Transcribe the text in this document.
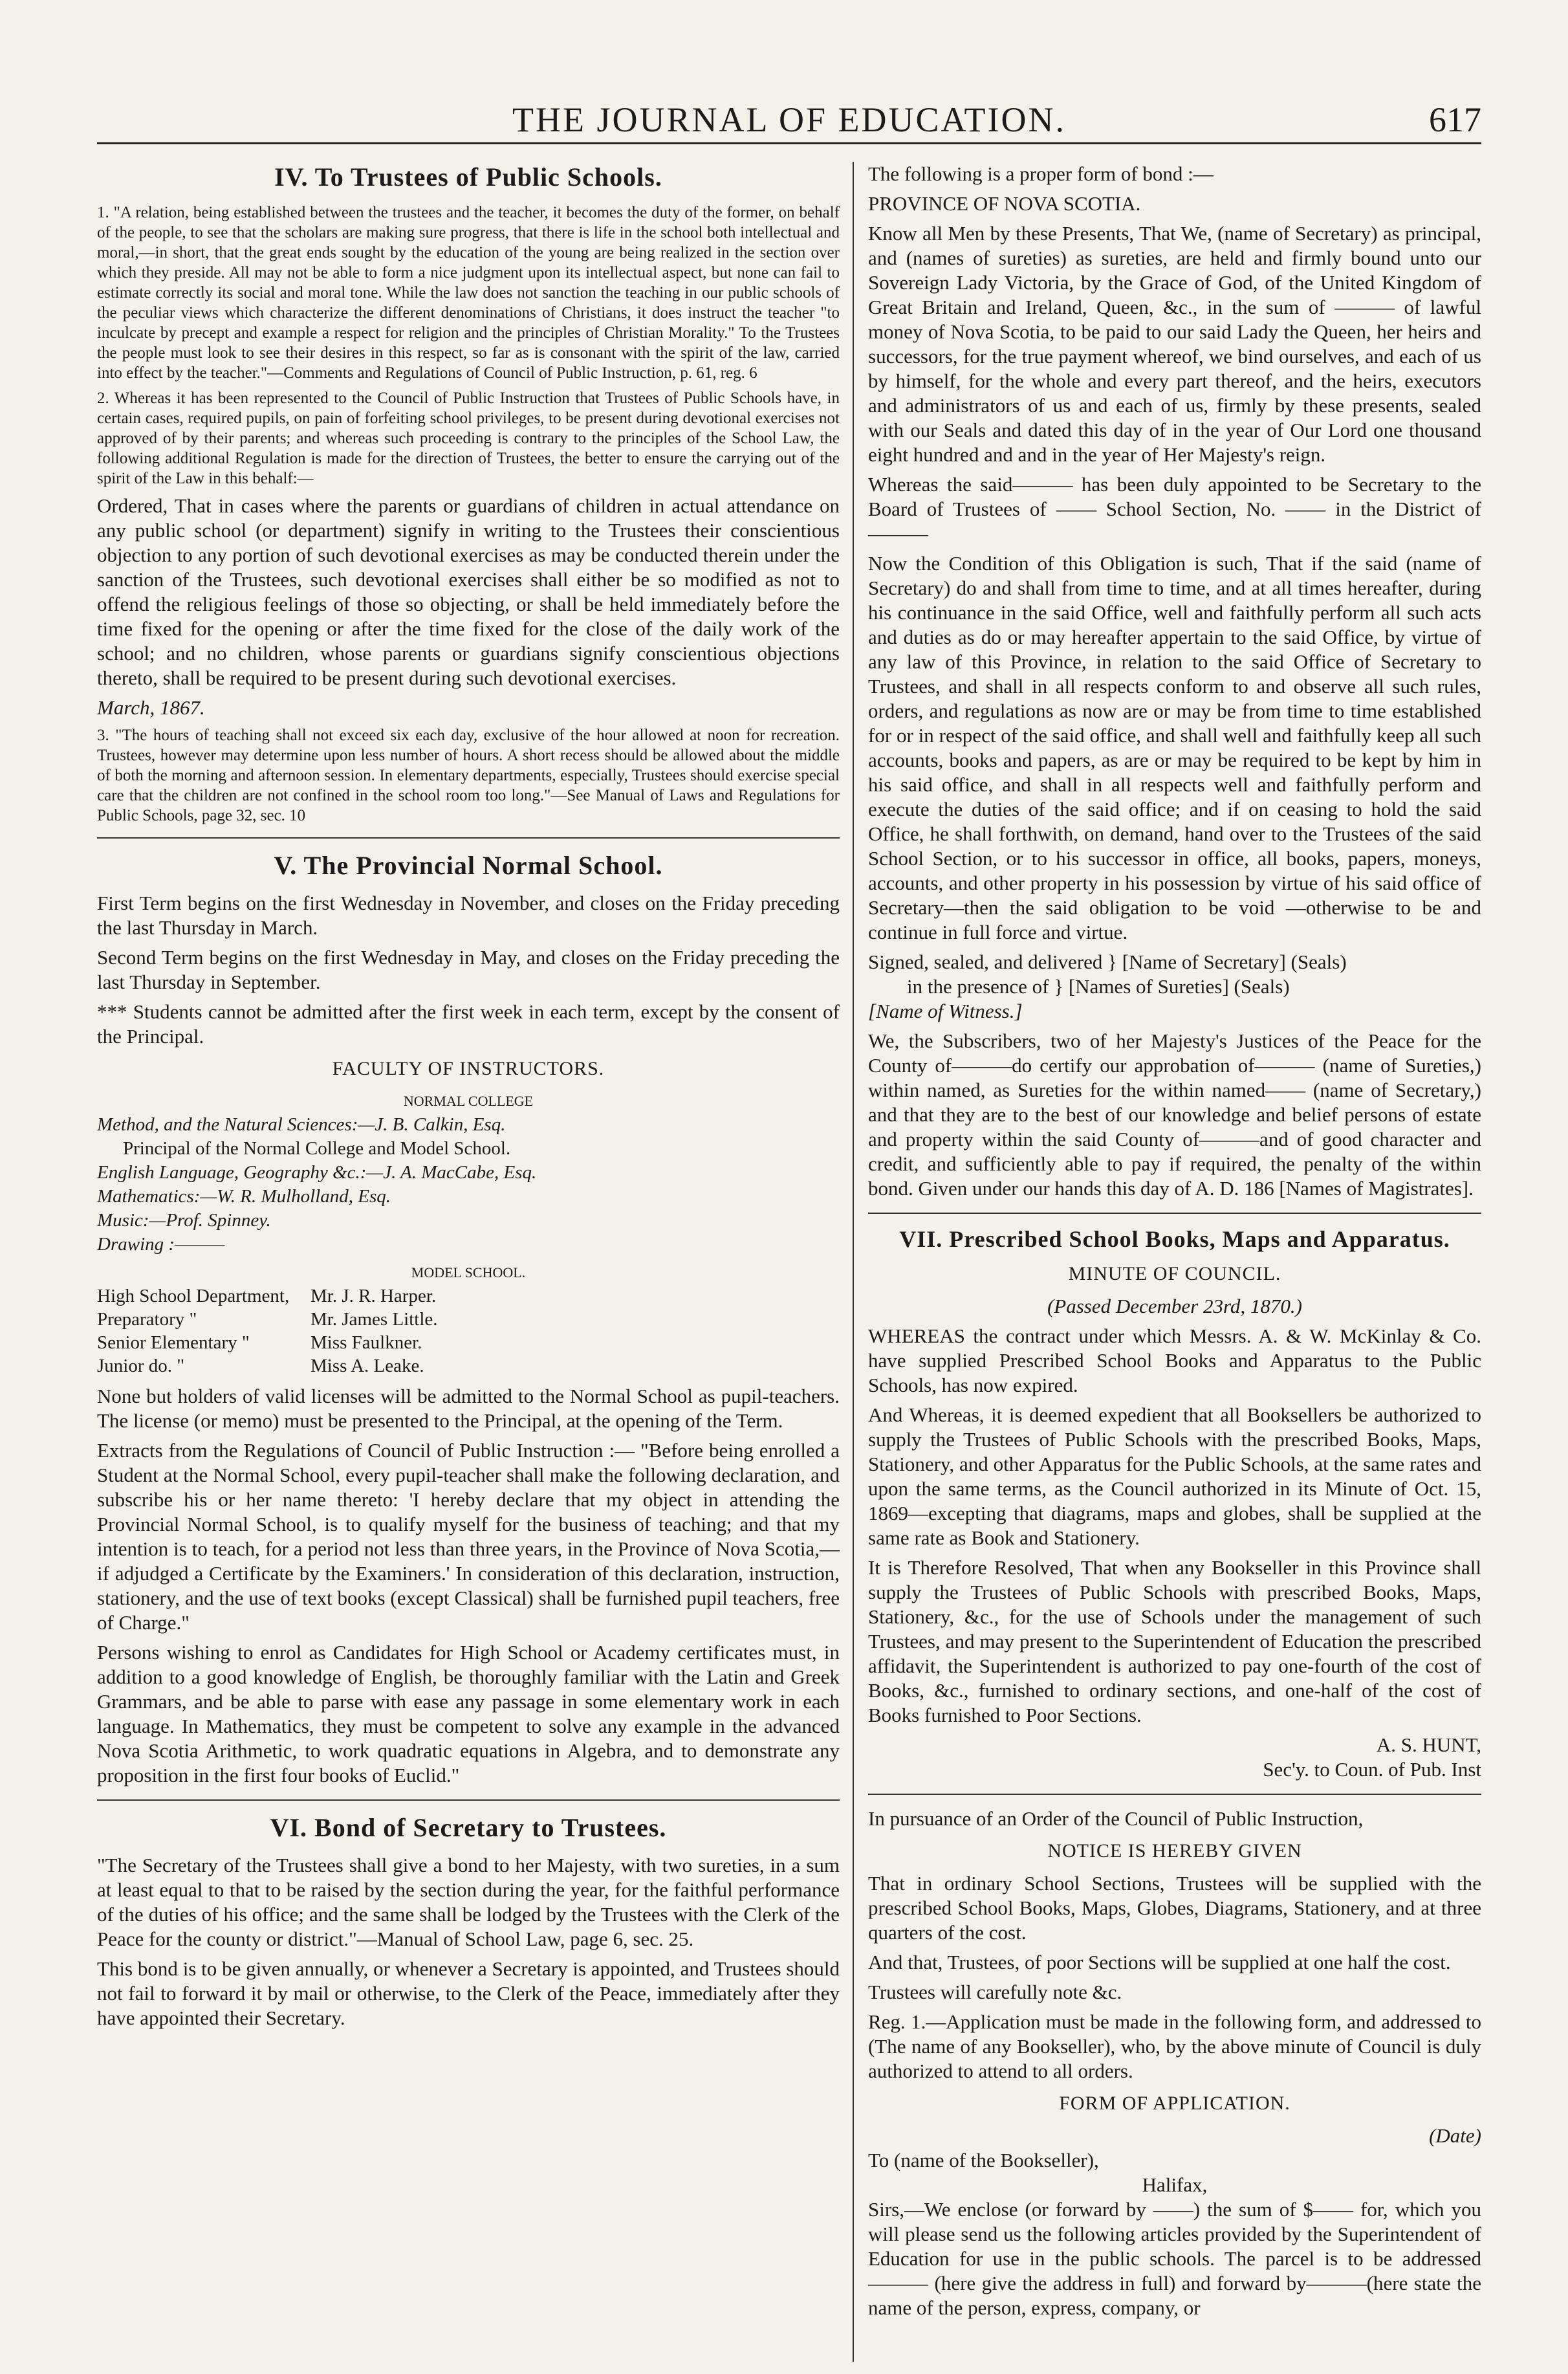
THE JOURNAL OF EDUCATION.	617
IV. To Trustees of Public Schools.

1. "A relation, being established between the trustees and the teacher, it becomes the duty of the former, on behalf of the people, to see that the scholars are making sure progress, that there is life in the school both intellectual and moral,—in short, that the great ends sought by the education of the young are being realized in the section over which they preside. All may not be able to form a nice judgment upon its intellectual aspect, but none can fail to estimate correctly its social and moral tone. While the law does not sanction the teaching in our public schools of the peculiar views which characterize the different denominations of Christians, it does instruct the teacher "to inculcate by precept and example a respect for religion and the principles of Christian Morality." To the Trustees the people must look to see their desires in this respect, so far as is consonant with the spirit of the law, carried into effect by the teacher."—Comments and Regulations of Council of Public Instruction, p. 61, reg. 6

2. Whereas it has been represented to the Council of Public Instruction that Trustees of Public Schools have, in certain cases, required pupils, on pain of forfeiting school privileges, to be present during devotional exercises not approved of by their parents; and whereas such proceeding is contrary to the principles of the School Law, the following additional Regulation is made for the direction of Trustees, the better to ensure the carrying out of the spirit of the Law in this behalf:—

Ordered, That in cases where the parents or guardians of children in actual attendance on any public school (or department) signify in writing to the Trustees their conscientious objection to any portion of such devotional exercises as may be conducted therein under the sanction of the Trustees, such devotional exercises shall either be so modified as not to offend the religious feelings of those so objecting, or shall be held immediately before the time fixed for the opening or after the time fixed for the close of the daily work of the school; and no children, whose parents or guardians signify conscientious objections thereto, shall be required to be present during such devotional exercises.

March, 1867.

3. "The hours of teaching shall not exceed six each day, exclusive of the hour allowed at noon for recreation. Trustees, however may determine upon less number of hours. A short recess should be allowed about the middle of both the morning and afternoon session. In elementary departments, especially, Trustees should exercise special care that the children are not confined in the school room too long."—See Manual of Laws and Regulations for Public Schools, page 32, sec. 10

V. The Provincial Normal School.

First Term begins on the first Wednesday in November, and closes on the Friday preceding the last Thursday in March.

Second Term begins on the first Wednesday in May, and closes on the Friday preceding the last Thursday in September.

*** Students cannot be admitted after the first week in each term, except by the consent of the Principal.

FACULTY OF INSTRUCTORS.

NORMAL COLLEGE

Method, and the Natural Sciences:—J. B. Calkin, Esq.

Principal of the Normal College and Model School.

English Language, Geography &c.:—J. A. MacCabe, Esq.

Mathematics:—W. R. Mulholland, Esq.

Music:—Prof. Spinney.

Drawing :———

MODEL SCHOOL.

High School Department,	Mr. J. R. Harper.
Preparatory "	Mr. James Little.
Senior Elementary "	Miss Faulkner.
Junior do. "	Miss A. Leake.

None but holders of valid licenses will be admitted to the Normal School as pupil-teachers. The license (or memo) must be presented to the Principal, at the opening of the Term.

Extracts from the Regulations of Council of Public Instruction :— "Before being enrolled a Student at the Normal School, every pupil-teacher shall make the following declaration, and subscribe his or her name thereto: 'I hereby declare that my object in attending the Provincial Normal School, is to qualify myself for the business of teaching; and that my intention is to teach, for a period not less than three years, in the Province of Nova Scotia,—if adjudged a Certificate by the Examiners.' In consideration of this declaration, instruction, stationery, and the use of text books (except Classical) shall be furnished pupil teachers, free of Charge."

Persons wishing to enrol as Candidates for High School or Academy certificates must, in addition to a good knowledge of English, be thoroughly familiar with the Latin and Greek Grammars, and be able to parse with ease any passage in some elementary work in each language. In Mathematics, they must be competent to solve any example in the advanced Nova Scotia Arithmetic, to work quadratic equations in Algebra, and to demonstrate any proposition in the first four books of Euclid."

VI. Bond of Secretary to Trustees.

"The Secretary of the Trustees shall give a bond to her Majesty, with two sureties, in a sum at least equal to that to be raised by the section during the year, for the faithful performance of the duties of his office; and the same shall be lodged by the Trustees with the Clerk of the Peace for the county or district."—Manual of School Law, page 6, sec. 25.

This bond is to be given annually, or whenever a Secretary is appointed, and Trustees should not fail to forward it by mail or otherwise, to the Clerk of the Peace, immediately after they have appointed their Secretary.

The following is a proper form of bond :—

PROVINCE OF NOVA SCOTIA.

Know all Men by these Presents, That We, (name of Secretary) as principal, and (names of sureties) as sureties, are held and firmly bound unto our Sovereign Lady Victoria, by the Grace of God, of the United Kingdom of Great Britain and Ireland, Queen, &c., in the sum of ——— of lawful money of Nova Scotia, to be paid to our said Lady the Queen, her heirs and successors, for the true payment whereof, we bind ourselves, and each of us by himself, for the whole and every part thereof, and the heirs, executors and administrators of us and each of us, firmly by these presents, sealed with our Seals and dated this day of in the year of Our Lord one thousand eight hundred and and in the year of Her Majesty's reign.

Whereas the said——— has been duly appointed to be Secretary to the Board of Trustees of —— School Section, No. —— in the District of———

Now the Condition of this Obligation is such, That if the said (name of Secretary) do and shall from time to time, and at all times hereafter, during his continuance in the said Office, well and faithfully perform all such acts and duties as do or may hereafter appertain to the said Office, by virtue of any law of this Province, in relation to the said Office of Secretary to Trustees, and shall in all respects conform to and observe all such rules, orders, and regulations as now are or may be from time to time established for or in respect of the said office, and shall well and faithfully keep all such accounts, books and papers, as are or may be required to be kept by him in his said office, and shall in all respects well and faithfully perform and execute the duties of the said office; and if on ceasing to hold the said Office, he shall forthwith, on demand, hand over to the Trustees of the said School Section, or to his successor in office, all books, papers, moneys, accounts, and other property in his possession by virtue of his said office of Secretary—then the said obligation to be void —otherwise to be and continue in full force and virtue.

Signed, sealed, and delivered } [Name of Secretary] (Seals)

in the presence of } [Names of Sureties] (Seals)

[Name of Witness.]

We, the Subscribers, two of her Majesty's Justices of the Peace for the County of———do certify our approbation of——— (name of Sureties,) within named, as Sureties for the within named—— (name of Secretary,) and that they are to the best of our knowledge and belief persons of estate and property within the said County of———and of good character and credit, and sufficiently able to pay if required, the penalty of the within bond. Given under our hands this day of A. D. 186 [Names of Magistrates].

VII. Prescribed School Books, Maps and Apparatus.
MINUTE OF COUNCIL.

(Passed December 23rd, 1870.)

WHEREAS the contract under which Messrs. A. & W. McKinlay & Co. have supplied Prescribed School Books and Apparatus to the Public Schools, has now expired.

And Whereas, it is deemed expedient that all Booksellers be authorized to supply the Trustees of Public Schools with the prescribed Books, Maps, Stationery, and other Apparatus for the Public Schools, at the same rates and upon the same terms, as the Council authorized in its Minute of Oct. 15, 1869—excepting that diagrams, maps and globes, shall be supplied at the same rate as Book and Stationery.

It is Therefore Resolved, That when any Bookseller in this Province shall supply the Trustees of Public Schools with prescribed Books, Maps, Stationery, &c., for the use of Schools under the management of such Trustees, and may present to the Superintendent of Education the prescribed affidavit, the Superintendent is authorized to pay one-fourth of the cost of Books, &c., furnished to ordinary sections, and one-half of the cost of Books furnished to Poor Sections.

A. S. HUNT,

Sec'y. to Coun. of Pub. Inst

In pursuance of an Order of the Council of Public Instruction,

NOTICE IS HEREBY GIVEN

That in ordinary School Sections, Trustees will be supplied with the prescribed School Books, Maps, Globes, Diagrams, Stationery, and at three quarters of the cost.

And that, Trustees, of poor Sections will be supplied at one half the cost.

Trustees will carefully note &c.

Reg. 1.—Application must be made in the following form, and addressed to (The name of any Bookseller), who, by the above minute of Council is duly authorized to attend to all orders.

FORM OF APPLICATION.

(Date)

To (name of the Bookseller),

Halifax,

Sirs,—We enclose (or forward by ——) the sum of $—— for, which you will please send us the following articles provided by the Superintendent of Education for use in the public schools. The parcel is to be addressed——— (here give the address in full) and forward by———(here state the name of the person, express, company, or
